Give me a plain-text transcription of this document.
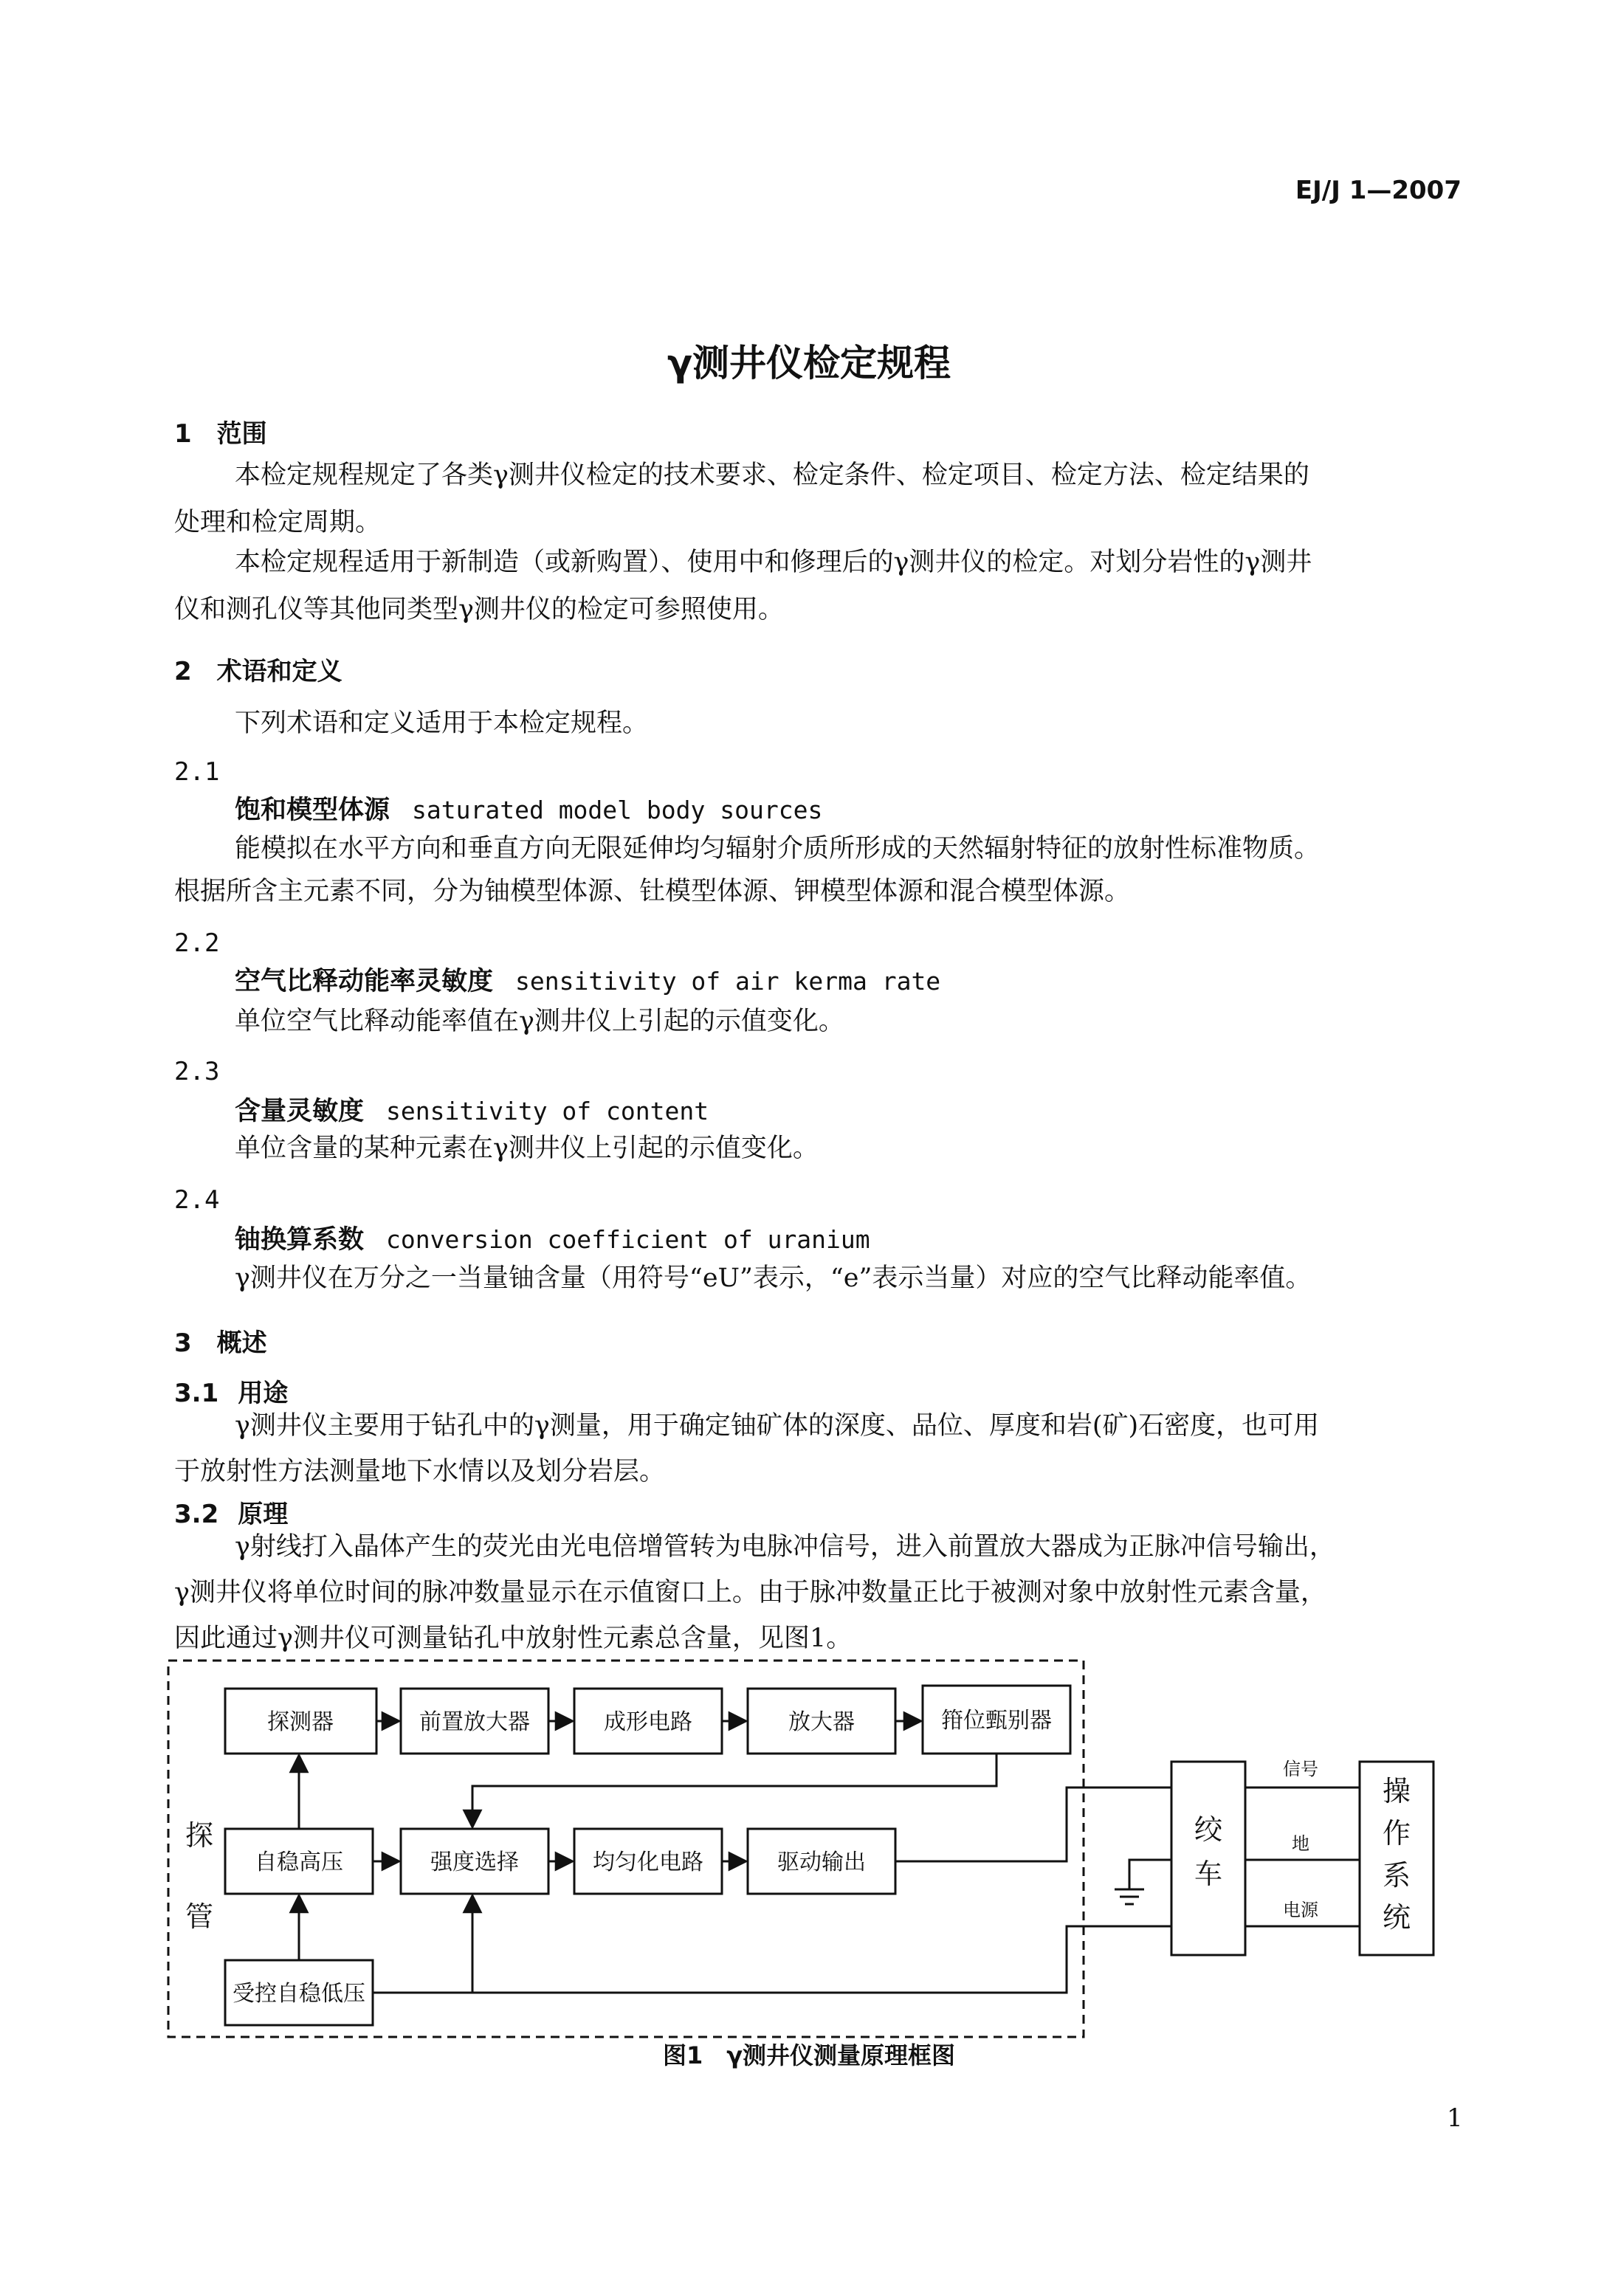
EJ/J 1—2007
γ测井仪检定规程
1 范围
本检定规程规定了各类γ测井仪检定的技术要求、检定条件、检定项目、检定方法、检定结果的
处理和检定周期。
本检定规程适用于新制造（或新购置）、使用中和修理后的γ测井仪的检定。对划分岩性的γ测井
仪和测孔仪等其他同类型γ测井仪的检定可参照使用。
2 术语和定义
下列术语和定义适用于本检定规程。
2.1
饱和模型体源 saturated model body sources
能模拟在水平方向和垂直方向无限延伸均匀辐射介质所形成的天然辐射特征的放射性标准物质。
根据所含主元素不同，分为铀模型体源、钍模型体源、钾模型体源和混合模型体源。
2.2
空气比释动能率灵敏度 sensitivity of air kerma rate
单位空气比释动能率值在γ测井仪上引起的示值变化。
2.3
含量灵敏度 sensitivity of content
单位含量的某种元素在γ测井仪上引起的示值变化。
2.4
铀换算系数 conversion coefficient of uranium
γ测井仪在万分之一当量铀含量（用符号“eU”表示，“e”表示当量）对应的空气比释动能率值。
3 概述
3.1 用途
γ测井仪主要用于钻孔中的γ测量，用于确定铀矿体的深度、品位、厚度和岩(矿)石密度，也可用
于放射性方法测量地下水情以及划分岩层。
3.2 原理
γ射线打入晶体产生的荧光由光电倍增管转为电脉冲信号，进入前置放大器成为正脉冲信号输出，
γ测井仪将单位时间的脉冲数量显示在示值窗口上。由于脉冲数量正比于被测对象中放射性元素含量，
因此通过γ测井仪可测量钻孔中放射性元素总含量，见图1。
探
管
探测器	前置放大器	成形电路	放大器	箝位甄别器
自稳高压	强度选择	均匀化电路	驱动输出
受控自稳低压
绞
车
操
作
系
统
信号
地
电源
图1　γ测井仪测量原理框图
1
